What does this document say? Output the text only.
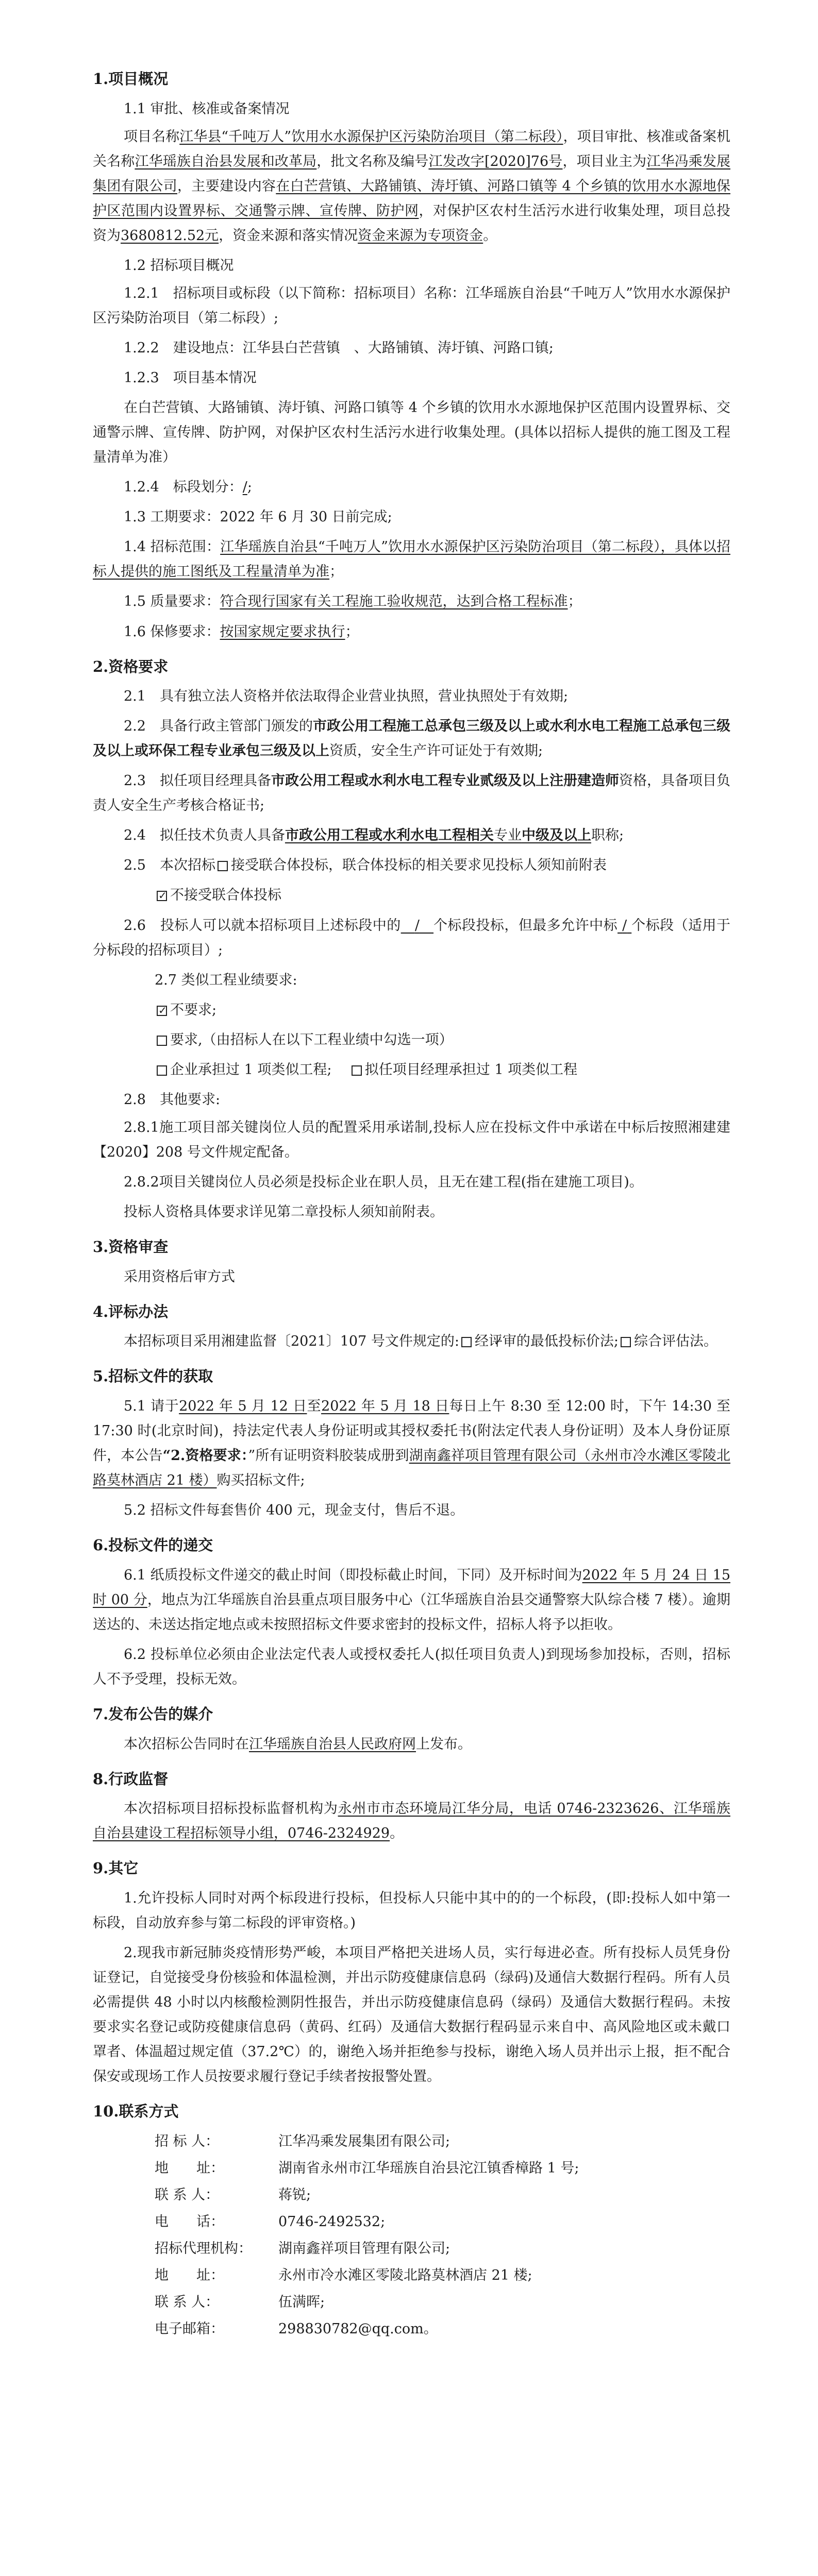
1.项目概况
1.1 审批、核准或备案情况
项目名称江华县“千吨万人”饮用水水源保护区污染防治项目（第二标段），项目审批、核准或备案机关名称江华瑶族自治县发展和改革局，批文名称及编号江发改字[2020]76号，项目业主为江华冯乘发展集团有限公司，主要建设内容在白芒营镇、大路铺镇、涛圩镇、河路口镇等 4 个乡镇的饮用水水源地保护区范围内设置界标、交通警示牌、宣传牌、防护网，对保护区农村生活污水进行收集处理，项目总投资为3680812.52元，资金来源和落实情况资金来源为专项资金。
1.2 招标项目概况
1.2.1　招标项目或标段（以下简称：招标项目）名称：江华瑶族自治县“千吨万人”饮用水水源保护区污染防治项目（第二标段）;
1.2.2　建设地点：江华县白芒营镇　、大路铺镇、涛圩镇、河路口镇;
1.2.3　项目基本情况
在白芒营镇、大路铺镇、涛圩镇、河路口镇等 4 个乡镇的饮用水水源地保护区范围内设置界标、交通警示牌、宣传牌、防护网，对保护区农村生活污水进行收集处理。(具体以招标人提供的施工图及工程量清单为准）
1.2.4　标段划分：/;
1.3 工期要求：2022 年 6 月 30 日前完成;
1.4 招标范围：江华瑶族自治县“千吨万人”饮用水水源保护区污染防治项目（第二标段），具体以招标人提供的施工图纸及工程量清单为准；
1.5 质量要求：符合现行国家有关工程施工验收规范，达到合格工程标准；
1.6 保修要求：按国家规定要求执行；
2.资格要求
2.1　具有独立法人资格并依法取得企业营业执照，营业执照处于有效期;
2.2　具备行政主管部门颁发的市政公用工程施工总承包三级及以上或水利水电工程施工总承包三级及以上或环保工程专业承包三级及以上资质，安全生产许可证处于有效期;
2.3　拟任项目经理具备市政公用工程或水利水电工程专业贰级及以上注册建造师资格，具备项目负责人安全生产考核合格证书;
2.4　拟任技术负责人具备市政公用工程或水利水电工程相关专业中级及以上职称;
2.5　本次招标 接受联合体投标，联合体投标的相关要求见投标人须知前附表
✓不接受联合体投标
2.6　投标人可以就本招标项目上述标段中的 / 个标段投标，但最多允许中标 / 个标段（适用于分标段的招标项目）;
2.7 类似工程业绩要求:
✓不要求;
要求,（由招标人在以下工程业绩中勾选一项）
企业承担过 1 项类似工程; 拟任项目经理承担过 1 项类似工程
2.8　其他要求:
2.8.1施工项目部关键岗位人员的配置采用承诺制,投标人应在投标文件中承诺在中标后按照湘建建【2020】208 号文件规定配备。
2.8.2项目关键岗位人员必须是投标企业在职人员，且无在建工程(指在建施工项目)。
投标人资格具体要求详见第二章投标人须知前附表。
3.资格审查
采用资格后审方式
4.评标办法
本招标项目采用湘建监督〔2021〕107 号文件规定的:✓ 经评审的最低投标价法; 综合评估法。
5.招标文件的获取
5.1 请于2022 年 5 月 12 日至2022 年 5 月 18 日每日上午 8:30 至 12:00 时，下午 14:30 至 17:30 时(北京时间)，持法定代表人身份证明或其授权委托书(附法定代表人身份证明）及本人身份证原件，本公告“2.资格要求：”所有证明资料胶装成册到湖南鑫祥项目管理有限公司（永州市冷水滩区零陵北路莫林酒店 21 楼）购买招标文件;
5.2 招标文件每套售价 400 元，现金支付，售后不退。
6.投标文件的递交
6.1 纸质投标文件递交的截止时间（即投标截止时间，下同）及开标时间为2022 年 5 月 24 日 15 时 00 分，地点为江华瑶族自治县重点项目服务中心（江华瑶族自治县交通警察大队综合楼 7 楼）。逾期送达的、未送达指定地点或未按照招标文件要求密封的投标文件，招标人将予以拒收。
6.2 投标单位必须由企业法定代表人或授权委托人(拟任项目负责人)到现场参加投标，否则，招标人不予受理，投标无效。
7.发布公告的媒介
本次招标公告同时在江华瑶族自治县人民政府网上发布。
8.行政监督
本次招标项目招标投标监督机构为永州市市态环境局江华分局，电话 0746-2323626、江华瑶族自治县建设工程招标领导小组，0746-2324929。
9.其它
1.允许投标人同时对两个标段进行投标，但投标人只能中其中的的一个标段，(即:投标人如中第一标段，自动放弃参与第二标段的评审资格。)
2.现我市新冠肺炎疫情形势严峻，本项目严格把关进场人员，实行每进必查。所有投标人员凭身份证登记，自觉接受身份核验和体温检测，并出示防疫健康信息码（绿码)及通信大数据行程码。所有人员必需提供 48 小时以内核酸检测阴性报告，并出示防疫健康信息码（绿码）及通信大数据行程码。未按要求实名登记或防疫健康信息码（黄码、红码）及通信大数据行程码显示来自中、高风险地区或未戴口罩者、体温超过规定值（37.2℃）的，谢绝入场并拒绝参与投标，谢绝入场人员并出示上报，拒不配合保安或现场工作人员按要求履行登记手续者按报警处置。
10.联系方式
招 标 人：	江华冯乘发展集团有限公司;
地　　址：	湖南省永州市江华瑶族自治县沱江镇香樟路 1 号;
联 系 人：	蒋锐;
电　　话：	0746-2492532;
招标代理机构： 湖南鑫祥项目管理有限公司;
地　　址：	永州市冷水滩区零陵北路莫林酒店 21 楼;
联 系 人：	伍满晖;
电子邮箱：	298830782@qq.com。
